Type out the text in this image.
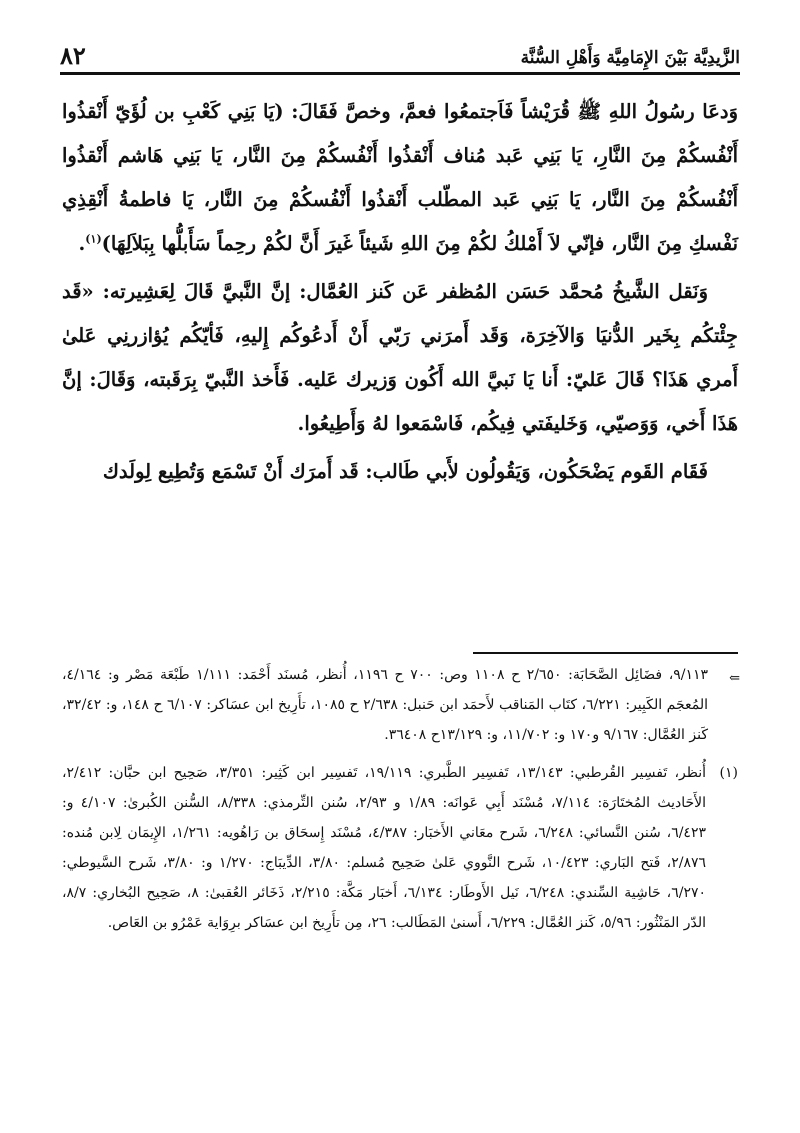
الزَّيدِيَّة بَيْنَ الإِمَامِيَّة وَأَهْلِ السُّنَّة
٨٢

وَدعَا رسُولُ اللهِ ﷺ قُرَيْشاً فَاَجتمعُوا فعمَّ، وخصَّ فَقَالَ: (يَا بَنِي كَعْبِ بن لُؤَيّ أَنْقذُوا أَنْفُسكُمْ مِنَ النَّارِ، يَا بَنِي عَبد مُناف أَنْقذُوا أَنْفُسكُمْ مِنَ النَّار، يَا بَنِي هَاشم أَنْقذُوا أَنْفُسكُمْ مِنَ النَّار، يَا بَنِي عَبد المطّلب أَنْقذُوا أَنْفُسكُمْ مِنَ النَّار، يَا فاطمةُ أَنْقِذِي نَفْسكِ مِنَ النَّار، فإنّي لاَ أَمْلكُ لكُمْ مِنَ اللهِ شَيئاً غَيرَ أَنَّ لكُمْ رحِماً سَأَبلُّها بِبَلاَلِهَا)$^{(١)}$.

وَنَقل الشَّيخُ مُحمَّد حَسَن المُظفر عَن كَنز العُمَّال: إنَّ النَّبيَّ قَالَ لِعَشِيرته: «قَد جِئْتكُم بِخَير الدُّنيَا وَالآخِرَة، وَقَد أَمرَني رَبّي أَنْ أَدعُوكُم إِليهِ، فَأيّكُم يُؤازرنِي عَلىٰ أَمري هَذَا؟ قَالَ عَليّ: أَنا يَا نَبيَّ الله أَكُون وَزيرك عَليه. فَأَخذ النَّبيّ بِرَقَبته، وَقَالَ: إنَّ هَذَا أَخي، وَوَصيّي، وَخَليفَتي فِيكُم، فَاسْمَعوا لهُ وَأَطِيعُوا.

فَقَام القَوم يَضْحَكُون، وَيَقُولُون لأَبي طَالب: قَد أَمرَك أَنْ تَسْمَع وَتُطِيع لِولَدك

⇐
٩/١١٣، فضَائِل الصَّحَابَة: ٢/٦٥٠ ح ١١٠٨ وص: ٧٠٠ ح ١١٩٦، أُنظر، مُسنَد أَحْمَد: ١/١١١ طَبْعَة مَصْر و: ٤/١٦٤، المُعجَم الكَبِير: ٦/٢٢١، كتَاب المَناقب لأَحمَد ابن حَنبل: ٢/٦٣٨ ح ١٠٨٥، تأَرِيخ ابن عسَاكر: ٦/١٠٧ ح ١٤٨، و: ٣٢/٤٢، كَنز العُمَّال: ٩/١٦٧ و١٧٠ و: ١١/٧٠٢، و: ١٣/١٢٩ح ٣٦٤٠٨.

(١)
أُنظر، تَفسِير القُرطبي: ١٣/١٤٣، تَفسِير الطَّبري: ١٩/١١٩، تَفسِير ابن كَثِير: ٣/٣٥١، صَحِيح ابن حبَّان: ٢/٤١٢، الأَحَاديث المُختَارَة: ٧/١١٤، مُسْنَد أَبِي عَوانَه: ١/٨٩ و ٢/٩٣، سُنن التِّرمذي: ٨/٣٣٨، السُّنن الكُبرىٰ: ٤/١٠٧ و: ٦/٤٢٣، سُنن النَّسائي: ٦/٢٤٨، شَرح معَاني الأَخبَار: ٤/٣٨٧، مُسْنَد إِسحَاق بن رَاهُويه: ١/٢٦١، الإِيمَان لِابن مُنده: ٢/٨٧٦، فَتح البَاري: ١٠/٤٢٣، شَرح النَّووي عَلىٰ صَحِيح مُسلم: ٣/٨٠، الدِّيبَاج: ١/٢٧٠ و: ٣/٨٠، شَرح السَّيوطي: ٦/٢٧٠، حَاشِية السِّندي: ٦/٢٤٨، نَيل الأَوطَار: ٦/١٣٤، أَخبَار مَكَّة: ٢/٢١٥، ذَخَائر العُقبىٰ: ٨، صَحِيح البُخاري: ٨/٧، الدّر المَنْثُور: ٥/٩٦، كَنز العُمَّال: ٦/٢٢٩، أَسنىٰ المَطَالب: ٢٦، مِن تأَرِيخ ابن عسَاكر برِوَاية عَمْرُو بن العَاص.
